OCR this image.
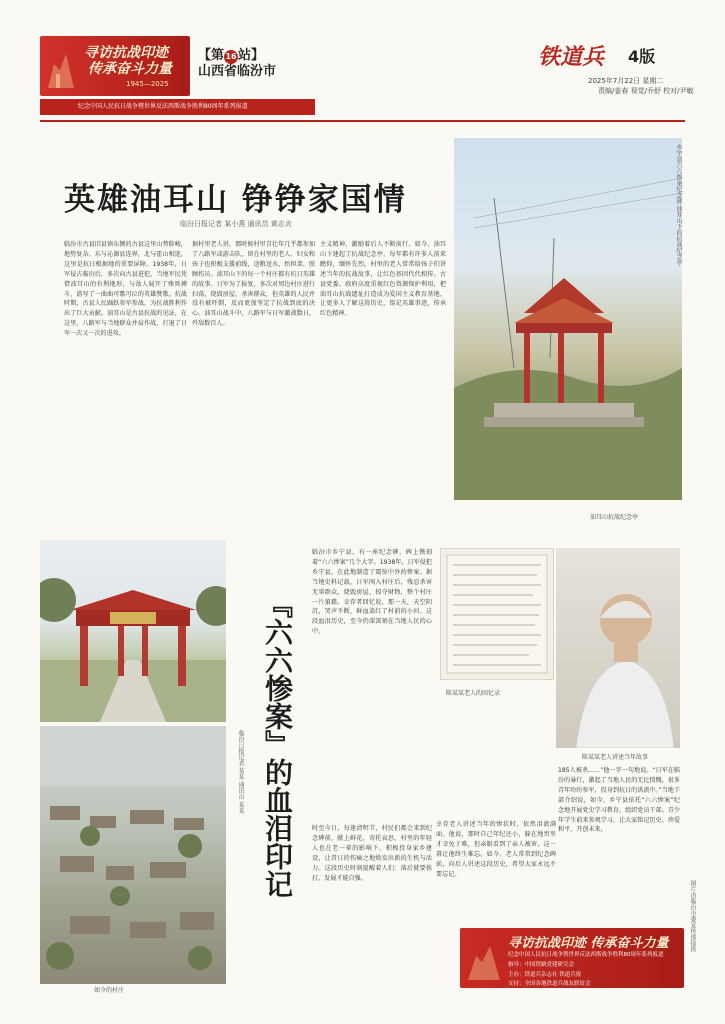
寻访抗战印迹
传承奋斗力量
1945—2025
纪念中国人民抗日战争暨世界反法西斯战争胜利80周年系列报道
【第16站】
山西省临汾市
铁道兵 4版
2025年7月22日 星期二
责编/姜春 视觉/乔舒 校对/尹敏
英雄油耳山 铮铮家国情
临汾日报记者 某小燕 通讯员 黄志贞
临汾市古县旧县镇东侧的古县这里山势险峻，地势复杂。东与沁源县连界，北与霍山相连，这里是抗日根据地的重要屏障。1938年，日军侵占临汾后，多次向古县进犯，当地军民凭借油耳山的有利地形，与敌人展开了殊死搏斗，谱写了一曲曲可歌可泣的英雄赞歌。抗战时期，古县人民踊跃参军参战，为抗战胜利作出了巨大贡献。油耳山是古县抗战的见证，在这里，八路军与当地群众并肩作战，打退了日军一次又一次的进攻。
据村里老人讲，那时候村里青壮年几乎都参加了八路军或游击队，留在村里的老人、妇女和孩子也积极支援前线，送粮送水、抬担架、照顾伤员。油耳山下的每一个村庄都有抗日英雄的故事。日军为了报复，多次对周边村庄进行扫荡，烧毁房屋，杀害群众，但英雄的人民并没有被吓倒，反而更加坚定了抗战到底的决心。油耳山战斗中，八路军与日军激战数日，歼敌数百人。
主义精神，激励着后人不断前行。如今，油耳山下建起了抗战纪念亭，每年都有许多人前来瞻仰，缅怀先烈。村里的老人常常给孩子们讲述当年的抗战故事，让红色基因代代相传。古县党委、政府高度重视红色资源保护利用，把油耳山抗战遗址打造成为爱国主义教育基地，让更多人了解这段历史，铭记英雄事迹，传承红色精神。
乡宁县六六惨案纪念碑 油耳山下的抗战纪念亭
油耳山抗战纪念亭
如今的村庄
『六六惨案』的血泪印记
临汾日报记者 某某 通讯员 某某
临汾市乡宁县，有一座纪念碑，碑上镌刻着“六六惨案”几个大字。1938年，日军侵犯乡宁县，在此地制造了震惊中外的惨案。据当地史料记载，日军闯入村庄后，残忍杀害无辜群众，烧毁房屋，掠夺财物，整个村庄一片狼藉。幸存者回忆说，那一天，天空阴沉，哭声不断，鲜血染红了村前的小河。这段血泪历史，至今仍深深刻在当地人民的心中。
时至今日，每逢清明节，村民们都会来到纪念碑前，献上鲜花，寄托哀思。村里的年轻人也在老一辈的影响下，积极投身家乡建设，让昔日的伤痛之地焕发出新的生机与活力。这段历史时刻提醒着人们：落后就要挨打，发展才能自强。
幸存老人讲述当年的惨状时，依然泪流满面。他说，那时自己年纪还小，躲在地窖里才幸免于难，但亲眼看到了亲人被害，这一幕让他终生难忘。如今，老人常常到纪念碑前，向后人讲述这段历史，希望大家永远不要忘记。
185人被杀……”他一字一句地说。“日军在临汾的暴行，激起了当地人民的无比愤慨，很多青年纷纷参军，投身到抗日的洪流中。”当地干部介绍说，如今，乡宁县依托“六六惨案”纪念地开展党史学习教育，组织党员干部、青少年学生前来参观学习，让大家铭记历史、珍爱和平、开创未来。
陈某某老人的回忆录
陈某某老人讲述当年故事
图片由临汾市委宣传部提供
寻访抗战印迹 传承奋斗力量
纪念中国人民抗日战争暨世界反法西斯战争胜利80周年系列报道
指导：中国铁路党建研究会
主办：铁道兵杂志社 铁道兵报
支持：全国各地铁道兵战友联谊会
